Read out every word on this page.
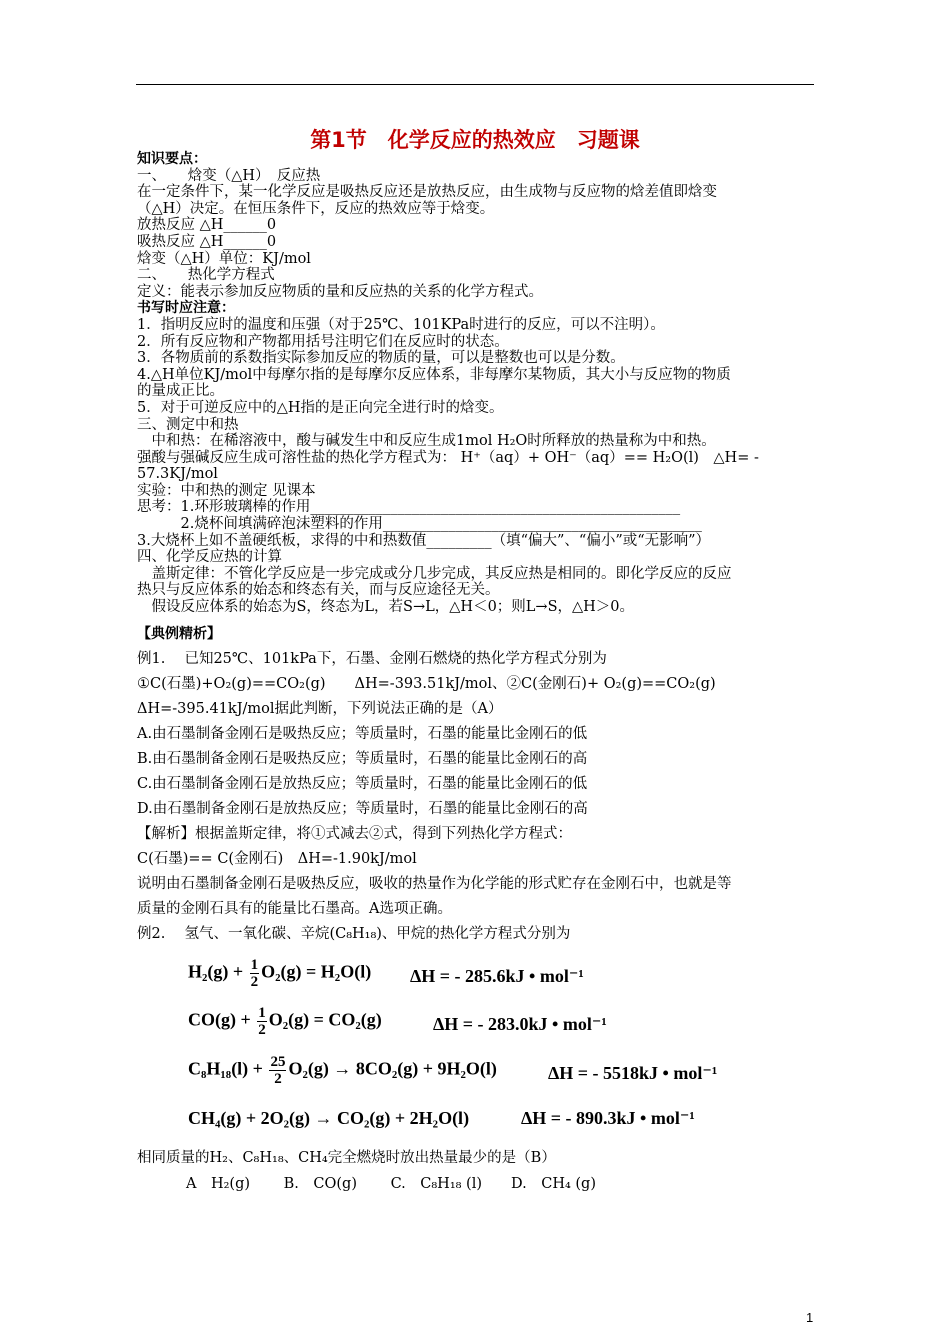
第1节　化学反应的热效应　习题课
知识要点：
一、　　焓变（△H）　反应热
在一定条件下，某一化学反应是吸热反应还是放热反应，由生成物与反应物的焓差值即焓变
（△H）决定。在恒压条件下，反应的热效应等于焓变。
放热反应 △H______0
吸热反应 △H______0
焓变（△H）单位：KJ/mol
二、　　热化学方程式
定义：能表示参加反应物质的量和反应热的关系的化学方程式。
书写时应注意：
1．指明反应时的温度和压强（对于25℃、101KPa时进行的反应，可以不注明）。
2．所有反应物和产物都用括号注明它们在反应时的状态。
3．各物质前的系数指实际参加反应的物质的量，可以是整数也可以是分数。
4.△H单位KJ/mol中每摩尔指的是每摩尔反应体系，非每摩尔某物质，其大小与反应物的物质
的量成正比。
5．对于可逆反应中的△H指的是正向完全进行时的焓变。
三、测定中和热
　中和热：在稀溶液中，酸与碱发生中和反应生成1mol H₂O时所释放的热量称为中和热。
强酸与强碱反应生成可溶性盐的热化学方程式为： H⁺（aq）+ OH⁻（aq）== H₂O(l)　△H= -
57.3KJ/mol
实验：中和热的测定 见课本
思考：1.环形玻璃棒的作用___________________________________________________
　　　2.烧杯间填满碎泡沫塑料的作用____________________________________________
3.大烧杯上如不盖硬纸板，求得的中和热数值_________（填“偏大”、“偏小”或“无影响”）
四、化学反应热的计算
　盖斯定律：不管化学反应是一步完成或分几步完成，其反应热是相同的。即化学反应的反应
热只与反应体系的始态和终态有关，而与反应途径无关。
　假设反应体系的始态为S，终态为L，若S→L，△H＜0；则L→S，△H＞0。
【典例精析】
例1.　 已知25℃、101kPa下，石墨、金刚石燃烧的热化学方程式分别为
①C(石墨)+O₂(g)==CO₂(g)　　ΔH=-393.51kJ/mol、②C(金刚石)+ O₂(g)==CO₂(g)
ΔH=-395.41kJ/mol据此判断，下列说法正确的是（A）
A.由石墨制备金刚石是吸热反应；等质量时，石墨的能量比金刚石的低
B.由石墨制备金刚石是吸热反应；等质量时，石墨的能量比金刚石的高
C.由石墨制备金刚石是放热反应；等质量时，石墨的能量比金刚石的低
D.由石墨制备金刚石是放热反应；等质量时，石墨的能量比金刚石的高
【解析】根据盖斯定律，将①式减去②式，得到下列热化学方程式：
C(石墨)== C(金刚石)　ΔH=-1.90kJ/mol
说明由石墨制备金刚石是吸热反应，吸收的热量作为化学能的形式贮存在金刚石中，也就是等
质量的金刚石具有的能量比石墨高。A选项正确。
例2.　 氢气、一氧化碳、辛烷(C₈H₁₈)、甲烷的热化学方程式分别为
$H_2(g) + \frac{1}{2} O_2(g) = H_2O(l) \Delta H$ = - 285.6kJ • mol⁻¹
$CO(g) + \frac{1}{2} O_2(g) = CO_2(g)$	ΔH = - 283.0kJ • mol⁻¹
$C_8H_{18}(l) + \frac{25}{2} O_2(g) \to 8CO_2(g) + 9H_2O(l)$	ΔH = - 5518kJ • mol⁻¹
CH₄(g) + 2O₂(g) → CO₂(g) + 2H₂O(l)	ΔH = - 890.3kJ • mol⁻¹
相同质量的H₂、C₈H₁₈、CH₄完全燃烧时放出热量最少的是（B）
A　H₂(g)　　 B.　CO(g)　　 C.　C₈H₁₈ (l)　　D.　CH₄ (g)
1
